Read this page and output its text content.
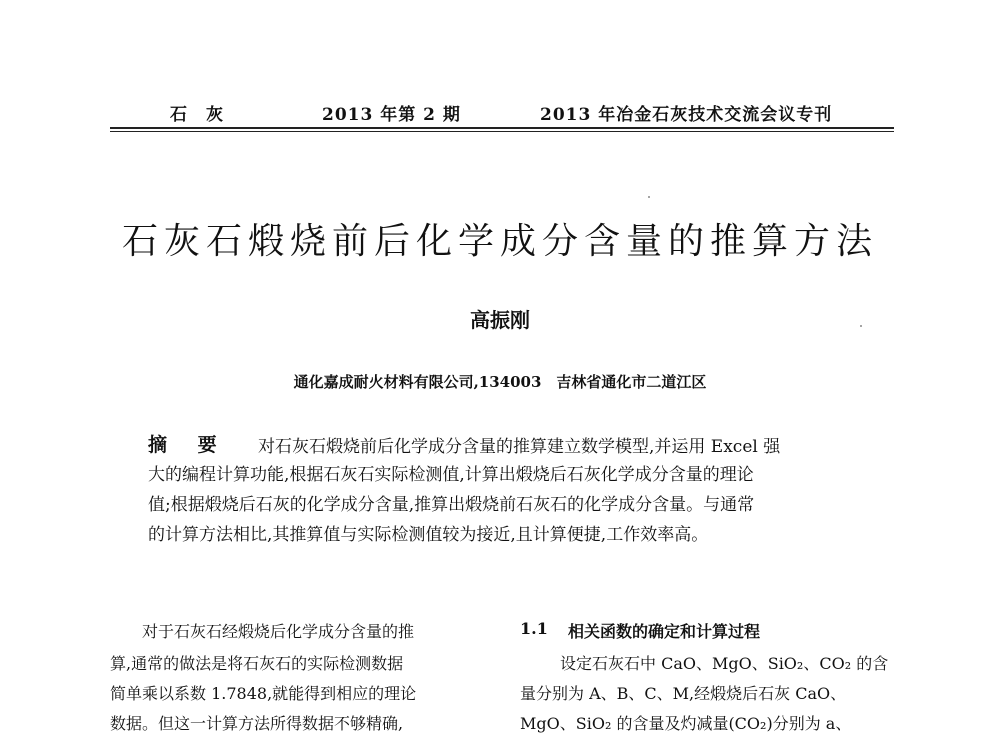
石　灰	2013 年第 2 期	2013 年冶金石灰技术交流会议专刊
石灰石煅烧前后化学成分含量的推算方法
高振刚
通化嘉成耐火材料有限公司,134003　吉林省通化市二道江区
摘 要 对石灰石煅烧前后化学成分含量的推算建立数学模型,并运用 Excel 强
大的编程计算功能,根据石灰石实际检测值,计算出煅烧后石灰化学成分含量的理论
值;根据煅烧后石灰的化学成分含量,推算出煅烧前石灰石的化学成分含量。与通常
的计算方法相比,其推算值与实际检测值较为接近,且计算便捷,工作效率高。
对于石灰石经煅烧后化学成分含量的推
算,通常的做法是将石灰石的实际检测数据
简单乘以系数 1.7848,就能得到相应的理论
数据。但这一计算方法所得数据不够精确,
1.1 相关函数的确定和计算过程
设定石灰石中 CaO、MgO、SiO₂、CO₂ 的含
量分别为 A、B、C、M,经煅烧后石灰 CaO、
MgO、SiO₂ 的含量及灼减量(CO₂)分别为 a、
